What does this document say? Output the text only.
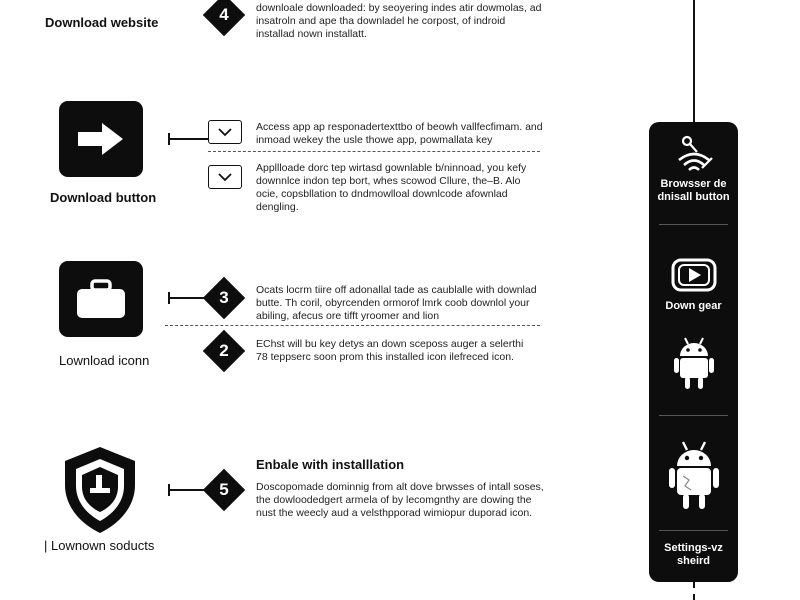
Download website	4	downloale downloaded: by seoyering indes atir dowmolas, ad insatroln and ape tha downladel he corpost, of indroid installad nown installatt.
Download button
Access app ap responadertexttbo of beowh vallfecfimam. and inmoad wekey the usle thowe app, powmallata key
Appllloade dorc tep wirtasd gownlable b/ninnoad, you kefy downnlce indon tep bort, whes scowod Cllure, the–B. Alo ocie, copsbllation to dndmowlloal downlcode afownlad dengling.
Lownload iconn
3	Ocats locrm tiire off adonallal tade as caublalle with downlad butte. Th coril, obyrcenden ormorof lmrk coob downlol your abiling, afecus ore tifft yroomer and lion
2	EChst will bu key detys an down sceposs auger a selerthi 78 teppserc soon prom this installed icon ilefreced icon.
| Lownown soducts
5
Enbale with installlation
Doscopomade dominnig from alt dove brwsses of intall soses, the dowloodedgert armela of by lecomgnthy are dowing the nust the weecly aud a velsthpporad wimiopur duporad icon.
Browsser de dnisall button
Down gear
Settings-vz sheird
